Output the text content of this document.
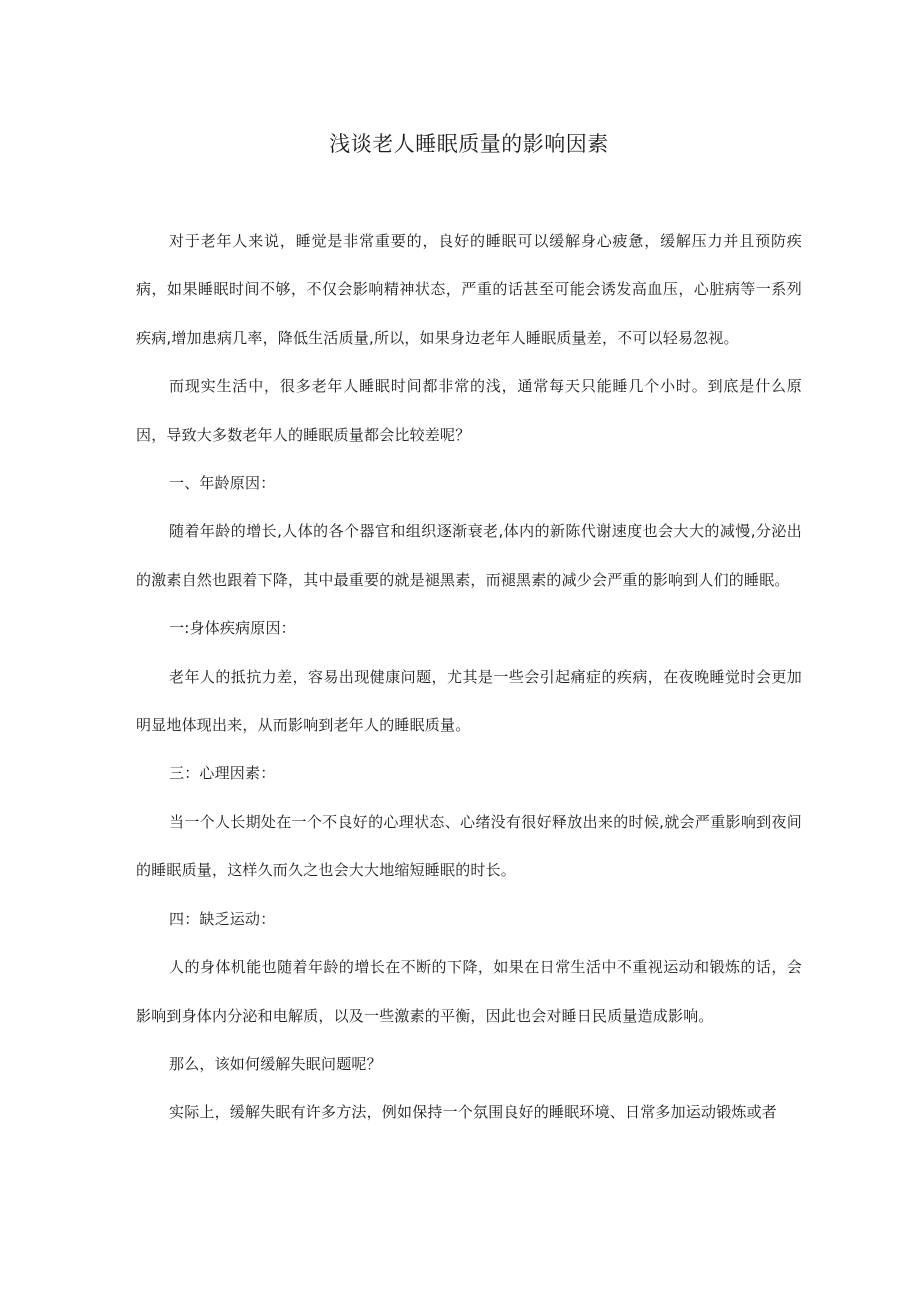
浅谈老人睡眠质量的影响因素

对于老年人来说，睡觉是非常重要的，良好的睡眠可以缓解身心疲惫，缓解压力并且预防疾病，如果睡眠时间不够，不仅会影响精神状态，严重的话甚至可能会诱发高血压，心脏病等一系列疾病,增加患病几率，降低生活质量,所以，如果身边老年人睡眠质量差，不可以轻易忽视。

而现实生活中，很多老年人睡眠时间都非常的浅，通常每天只能睡几个小时。到底是什么原因，导致大多数老年人的睡眠质量都会比较差呢？

一、年龄原因：

随着年龄的增长,人体的各个器官和组织逐渐衰老,体内的新陈代谢速度也会大大的减慢,分泌出的激素自然也跟着下降，其中最重要的就是褪黑素，而褪黑素的减少会严重的影响到人们的睡眠。

一:身体疾病原因：

老年人的抵抗力差，容易出现健康问题，尤其是一些会引起痛症的疾病，在夜晚睡觉时会更加明显地体现出来，从而影响到老年人的睡眠质量。

三：心理因素：

当一个人长期处在一个不良好的心理状态、心绪没有很好释放出来的时候,就会严重影响到夜间的睡眠质量，这样久而久之也会大大地缩短睡眠的时长。

四：缺乏运动：

人的身体机能也随着年龄的增长在不断的下降，如果在日常生活中不重视运动和锻炼的话，会影响到身体内分泌和电解质，以及一些激素的平衡，因此也会对睡日民质量造成影响。

那么，该如何缓解失眠问题呢？

实际上，缓解失眠有许多方法，例如保持一个氛围良好的睡眠环境、日常多加运动锻炼或者
